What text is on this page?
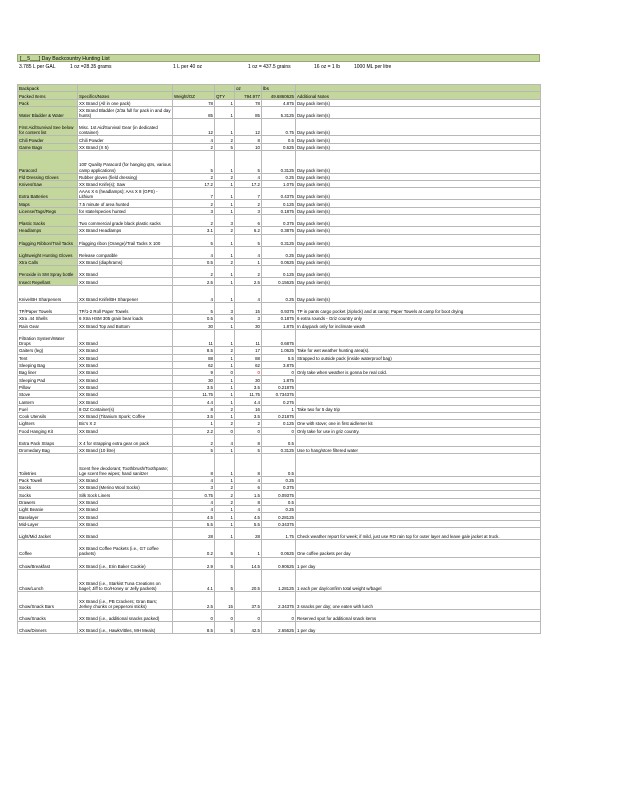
[__5___] Day Backcountry Hunting List
3.785 L per GAL	1 oz =28.35 grams	1 L per 40 oz	1 oz = 437.5 grains	16 oz = 1 lb	1000 ML per litre
Backpack				oz	lbs	
Packed Items	Specifics/Notes	Weight/OZ	QTY	794.977	49.6860625	Additional Notes
Pack	XX Brand (All in one pack)	78	1	78	4.875	Day pack item(s)
Water Bladder & Water	XX Brand Bladder (2/3a full for pack in and day hunts)	85	1	85	5.3125	Day pack item(s)
First Aid/Survival See below for content list	Misc. 1st Aid/Survival Gear (in dedicated container)	12	1	12	0.75	Day pack item(s)
Chili Powder	Chili Powder	4	2	8	0.5	Day pack item(s)
Game Bags	XX Brand (X 5)	2	5	10	0.625	Day pack item(s)
Paracord	100' Quality Paracord (for hanging qtrs, various camp applications)	5	1	5	0.3125	Day pack item(s)
Fld Dressing Gloves	Rubber gloves (field dressing)	2	2	4	0.25	Day pack item(s)
Knives/Saw	XX Brand Knife(s); Saw	17.2	1	17.2	1.075	Day pack item(s)
Extra Batteries	AAAs X 6 (headlamps); AAs X 8 (GPS) - Lithium	7	1	7	0.4375	Day pack item(s)
Maps	7.5 minute of area hunted	2	1	2	0.125	Day pack item(s)
License/Tags/Regs	for state/species hunted	3	1	3	0.1875	Day pack item(s)
Plastic Sacks	Two commercial grade black plastic sacks	2	3	6	0.375	Day pack item(s)
Headlamps	XX Brand Headlamps	3.1	2	6.2	0.3875	Day pack item(s)
Flagging Ribbon/Trail Tacks	Flagging ribon (Orange)/Trail Tacks X 100	5	1	5	0.3125	Day pack item(s)
Lightweight Hunting Gloves	Release compatible	4	1	4	0.25	Day pack item(s)
Xtra Calls	XX Brand (diaphrams)	0.5	2	1	0.0625	Day pack item(s)
Peroxide in SM Spray bottle	XX Brand	2	1	2	0.125	Day pack item(s)
Insect Repellant	XX Brand	2.5	1	2.5	0.15625	Day pack item(s)
Knive/BH Sharpeners	XX Brand Knife/BH Sharpener	4	1	4	0.25	Day pack item(s)
TP/Paper Towels	TP/1-2 Roll Paper Towels	5	3	15	0.9375	TP in pants cargo pocket (ziplock) and at camp; Paper Towels at camp for boot drying
Xtra .44 Shells	6 Xtra HSM 305 grain bear loads	0.5	6	3	0.1875	6 extra rounds - Griz country only
Rain Gear	XX Brand Top and Bottom	30	1	30	1.875	In daypack only for inclimate weath
Filtration System/Water Drops	XX Brand	11	1	11	0.6875	
Gaiters (leg)	XX Brand	8.5	2	17	1.0625	Take for wet weather hunting area(s).
Tent	XX Brand	88	1	88	5.5	Strapped to outside pack (inside waterproof bag)
Sleeping Bag	XX Brand	62	1	62	3.875	
Bag liner	XX Brand	9	0	0	0	Only take when weather is gonna be real cold.
Sleeping Pad	XX Brand	30	1	30	1.875	
Pillow	XX Brand	3.5	1	3.5	0.21875	
Stove	XX Brand	11.75	1	11.75	0.734375	
Lantern	XX Brand	4.4	1	4.4	0.275	
Fuel	8 OZ Container(s)	8	2	16	1	Take two for 5 day trip
Cook Utensils	XX Brand (Titanium Spork; Coffee	3.5	1	3.5	0.21875	
Lighters	Bic's X 2	1	2	2	0.125	One with stove; one in first aid/emer kit
Food Hanging Kit	XX Brand	2.2	0	0	0	Only take for use in griz country.
Extra Pack Straps	X 4 for strapping extra gear on pack	2	4	8	0.5	
Dromedary Bag	XX Brand (10 litre)	5	1	5	0.3125	Use to hang/store filtered water
Toiletries	Scent free deodorant; Toothbrush/Toothpaste; Lge scent free wipes; hand sanitzer	8	1	8	0.5	
Pack Towell	XX Brand	4	1	4	0.25	
Socks	XX Brand (Merino Wool Socks)	3	2	6	0.375	
Socks	Silk Sock Liners	0.75	2	1.5	0.09375	
Drawers	XX Brand	4	2	8	0.5	
Light Beanie	XX Brand	4	1	4	0.25	
Baselayer	XX Brand	4.5	1	4.5	0.28125	
Mid-Layer	XX Brand	5.5	1	5.5	0.34375	
Light/Mid Jacket	XX Brand	28	1	28	1.75	Check weather report for week; if mild, just use RO rain top for outer layer and leave gale jacket at truck.
Coffee	XX Brand Coffee Packets (i.e., G7 coffee packets)	0.2	5	1	0.0625	One coffee packets per day
Chow/Breakfast	XX Brand (i.e., Erin Baker Cookie)	2.9	5	14.5	0.90625	1 per day
Chow/Lunch	XX Brand (i.e., Starkist Tuna Creations on bagel; Jiff to Go/Honey or Jelly packets)	4.1	5	20.5	1.28125	1 each per day/confirm total weight w/bagel
Chow/Snack Bars	XX Brand (i.e., PB Crackers; Gran Bars; Jerkey chunks or pepperoni sticks)	2.5	15	37.5	2.34375	3 snacks per day; one eaten with lunch
Chow/Snacks	XX Brand (i.e., additional snacks packed)	0	0	0	0	Reserved spot for additional snack items
Chow/Dinners	XX Brand (i.e., HawkVittles, MH Meals)	8.5	5	42.5	2.65625	1 per day
